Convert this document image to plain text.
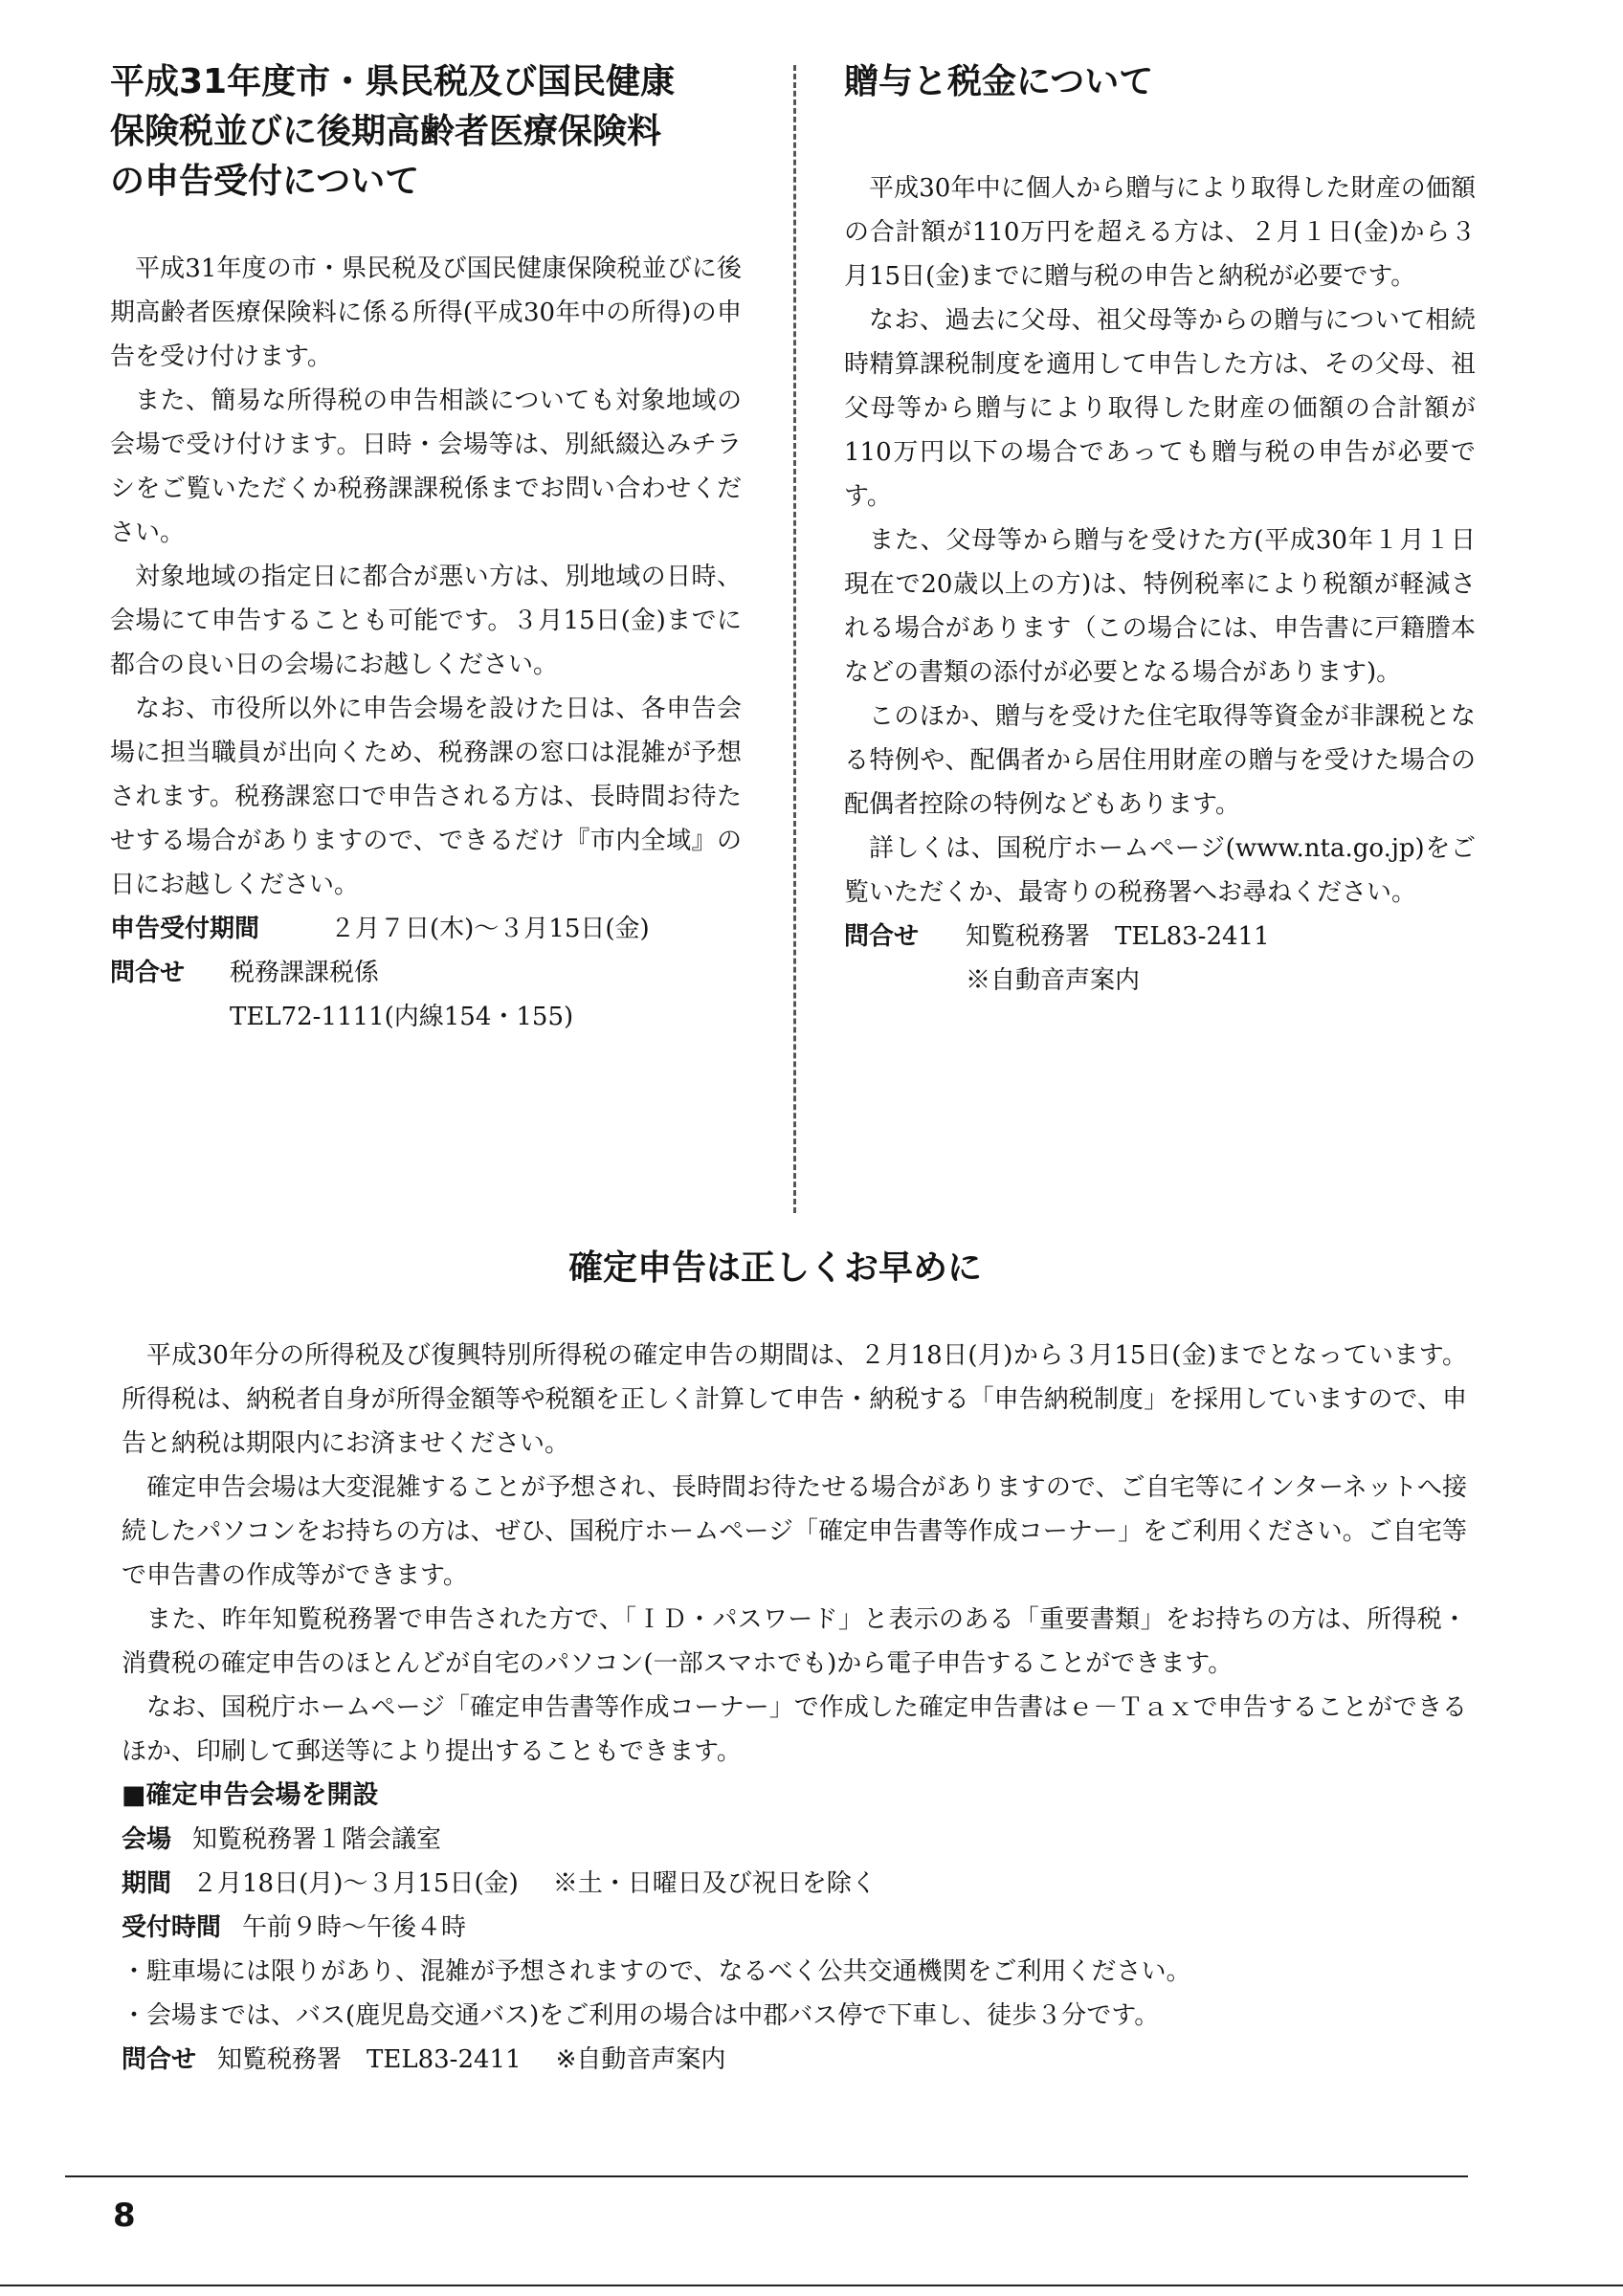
平成31年度市・県民税及び国民健康
保険税並びに後期高齢者医療保険料
の申告受付について

平成31年度の市・県民税及び国民健康保険税並びに後期高齢者医療保険料に係る所得(平成30年中の所得)の申告を受け付けます。

また、簡易な所得税の申告相談についても対象地域の会場で受け付けます。日時・会場等は、別紙綴込みチラシをご覧いただくか税務課課税係までお問い合わせください。

対象地域の指定日に都合が悪い方は、別地域の日時、会場にて申告することも可能です。３月15日(金)までに都合の良い日の会場にお越しください。

なお、市役所以外に申告会場を設けた日は、各申告会場に担当職員が出向くため、税務課の窓口は混雑が予想されます。税務課窓口で申告される方は、長時間お待たせする場合がありますので、できるだけ『市内全域』の日にお越しください。

申告受付期間	２月７日(木)～３月15日(金)
問合せ	税務課課税係
TEL72-1111(内線154・155)
贈与と税金について

平成30年中に個人から贈与により取得した財産の価額の合計額が110万円を超える方は、２月１日(金)から３月15日(金)までに贈与税の申告と納税が必要です。

なお、過去に父母、祖父母等からの贈与について相続時精算課税制度を適用して申告した方は、その父母、祖父母等から贈与により取得した財産の価額の合計額が110万円以下の場合であっても贈与税の申告が必要です。

また、父母等から贈与を受けた方(平成30年１月１日現在で20歳以上の方)は、特例税率により税額が軽減される場合があります（この場合には、申告書に戸籍謄本などの書類の添付が必要となる場合があります)。

このほか、贈与を受けた住宅取得等資金が非課税となる特例や、配偶者から居住用財産の贈与を受けた場合の配偶者控除の特例などもあります。

詳しくは、国税庁ホームページ(www.nta.go.jp)をご覧いただくか、最寄りの税務署へお尋ねください。

問合せ	知覧税務署　TEL83-2411
※自動音声案内
確定申告は正しくお早めに

平成30年分の所得税及び復興特別所得税の確定申告の期間は、２月18日(月)から３月15日(金)までとなっています。所得税は、納税者自身が所得金額等や税額を正しく計算して申告・納税する「申告納税制度」を採用していますので、申告と納税は期限内にお済ませください。

確定申告会場は大変混雑することが予想され、長時間お待たせる場合がありますので、ご自宅等にインターネットへ接続したパソコンをお持ちの方は、ぜひ、国税庁ホームページ「確定申告書等作成コーナー」をご利用ください。ご自宅等で申告書の作成等ができます。

また、昨年知覧税務署で申告された方で、「ＩＤ・パスワード」と表示のある「重要書類」をお持ちの方は、所得税・消費税の確定申告のほとんどが自宅のパソコン(一部スマホでも)から電子申告することができます。

なお、国税庁ホームページ「確定申告書等作成コーナー」で作成した確定申告書はｅ－Ｔａｘで申告することができるほか、印刷して郵送等により提出することもできます。

■確定申告会場を開設
会場 知覧税務署１階会議室
期間 ２月18日(月)～３月15日(金) ※土・日曜日及び祝日を除く
受付時間 午前９時～午後４時
・駐車場には限りがあり、混雑が予想されますので、なるべく公共交通機関をご利用ください。
・会場までは、バス(鹿児島交通バス)をご利用の場合は中郡バス停で下車し、徒歩３分です。
問合せ 知覧税務署　TEL83-2411 ※自動音声案内
8
